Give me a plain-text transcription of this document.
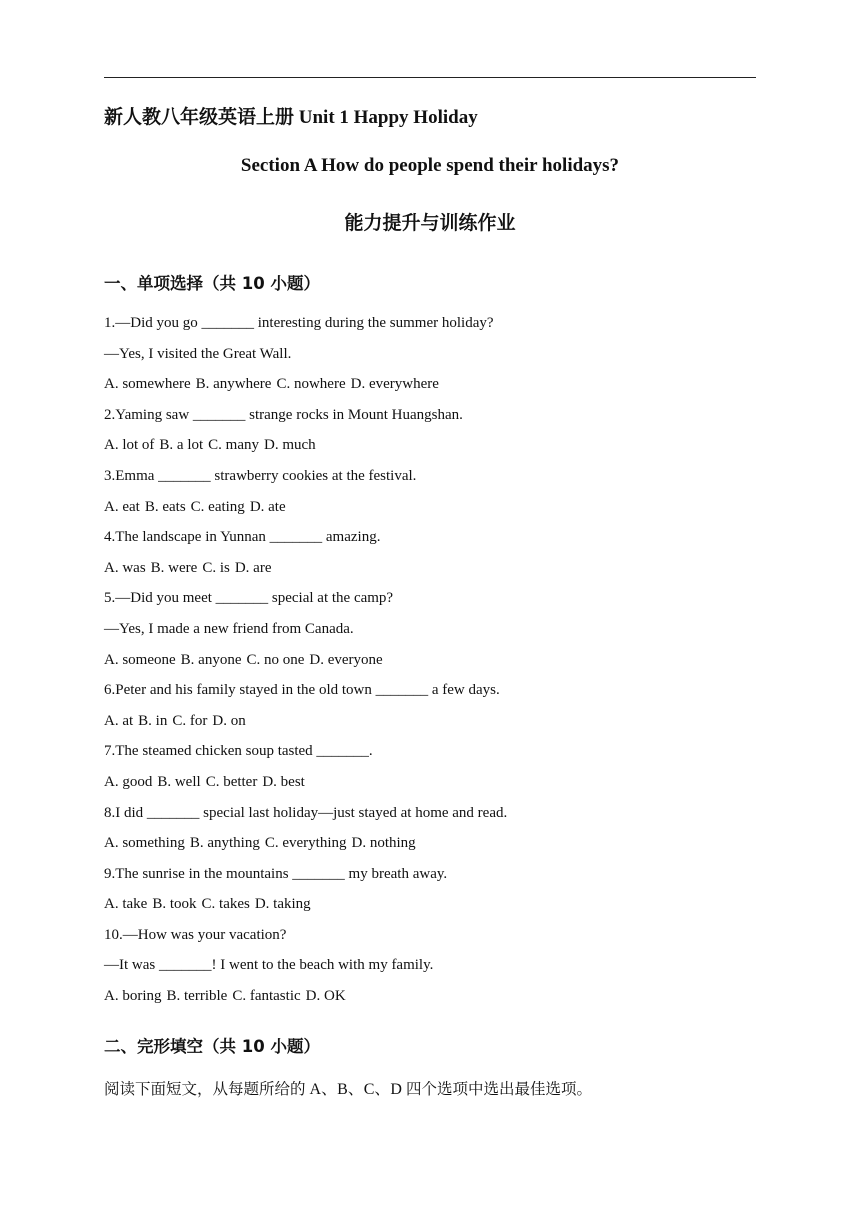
新人教八年级英语上册 Unit 1 Happy Holiday
Section A How do people spend their holidays?
能力提升与训练作业
一、单项选择（共 10 小题）
1.—Did you go _______ interesting during the summer holiday?
—Yes, I visited the Great Wall.
A. somewhere B. anywhere C. nowhere D. everywhere
2.Yaming saw _______ strange rocks in Mount Huangshan.
A. lot of B. a lot C. many D. much
3.Emma _______ strawberry cookies at the festival.
A. eat B. eats C. eating D. ate
4.The landscape in Yunnan _______ amazing.
A. was B. were C. is D. are
5.—Did you meet _______ special at the camp?
—Yes, I made a new friend from Canada.
A. someone B. anyone C. no one D. everyone
6.Peter and his family stayed in the old town _______ a few days.
A. at B. in C. for D. on
7.The steamed chicken soup tasted _______.
A. good B. well C. better D. best
8.I did _______ special last holiday—just stayed at home and read.
A. something B. anything C. everything D. nothing
9.The sunrise in the mountains _______ my breath away.
A. take B. took C. takes D. taking
10.—How was your vacation?
—It was _______! I went to the beach with my family.
A. boring B. terrible C. fantastic D. OK
二、完形填空（共 10 小题）
阅读下面短文，从每题所给的 A、B、C、D 四个选项中选出最佳选项。
